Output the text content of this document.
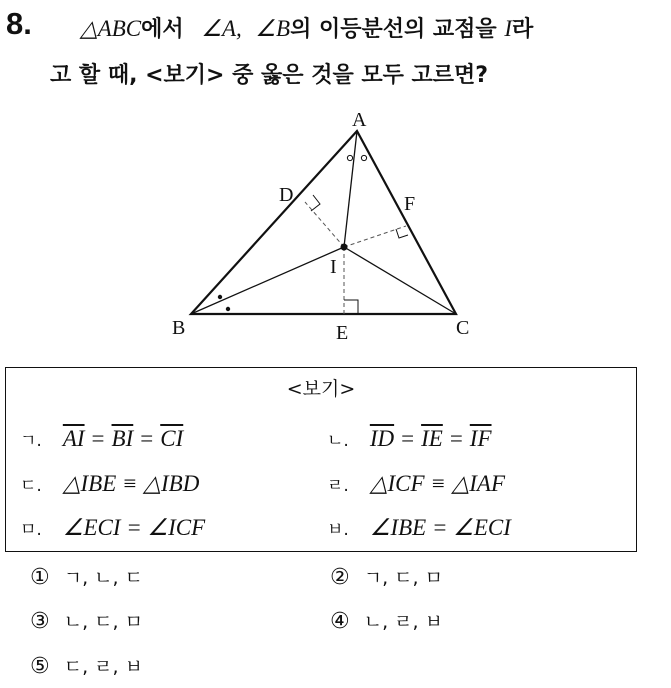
8. △ABC에서 ∠A, ∠B의 이등분선의 교점을 I라
고 할 때, <보기> 중 옳은 것을 모두 고르면?
A
B	C
D
E
F
I
<보기>
ㄱ. $\overline{AI} = \overline{BI} = \overline{CI}$	ㄴ. $\overline{ID} = \overline{IE} = \overline{IF}$
ㄷ. △IBE ≡ △IBD	ㄹ. △ICF ≡ △IAF
ㅁ. ∠ECI = ∠ICF	ㅂ. ∠IBE = ∠ECI
① ㄱ, ㄴ, ㄷ	② ㄱ, ㄷ, ㅁ
③ ㄴ, ㄷ, ㅁ	④ ㄴ, ㄹ, ㅂ
⑤ ㄷ, ㄹ, ㅂ
